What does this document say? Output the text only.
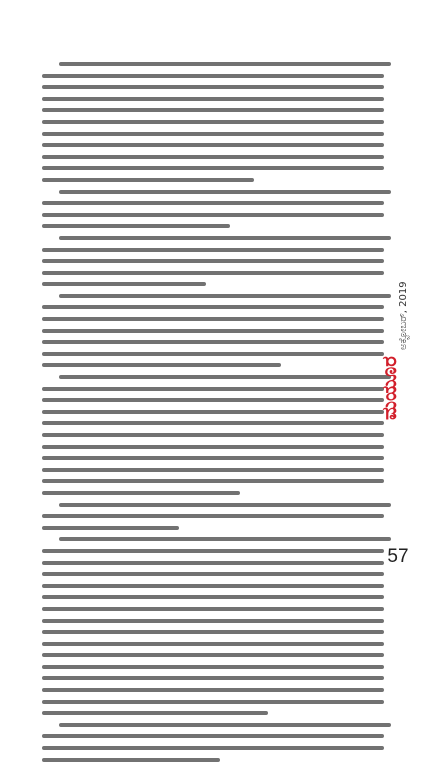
ಮಯೂರ
ಅಕ್ಟೋಬರ್, 2019
57
